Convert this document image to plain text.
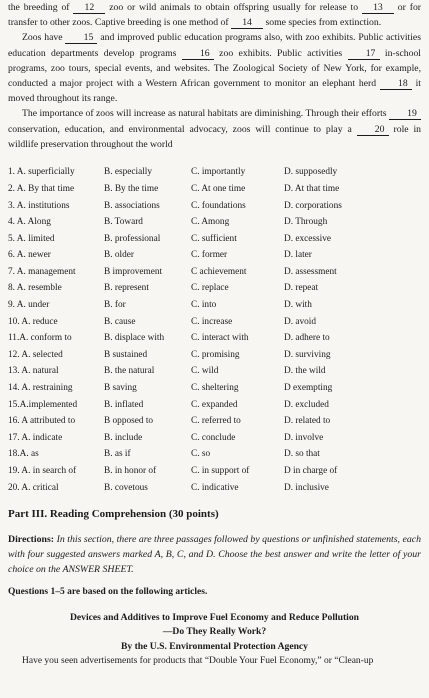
the breeding of 12 zoo or wild animals to obtain offspring usually for release to 13 or for transfer to other zoos. Captive breeding is one method of 14 some species from extinction.

Zoos have 15 and improved public education programs also, with zoo exhibits. Public activities education departments develop programs 16 zoo exhibits. Public activities 17 in-school programs, zoo tours, special events, and websites. The Zoological Society of New York, for example, conducted a major project with a Western African government to monitor an elephant herd 18 it moved throughout its range.

The importance of zoos will increase as natural habitats are diminishing. Through their efforts 19 conservation, education, and environmental advocacy, zoos will continue to play a 20 role in wildlife preservation throughout the world

1. A. superficially	B. especially	C. importantly	D. supposedly
2. A. By that time	B. By the time	C. At one time	D. At that time
3. A. institutions	B. associations	C. foundations	D. corporations
4. A. Along	B. Toward	C. Among	D. Through
5. A. limited	B. professional	C. sufficient	D. excessive
6. A. newer	B. older	C. former	D. later
7. A. management	B improvement	C achievement	D. assessment
8. A. resemble	B. represent	C. replace	D. repeat
9. A. under	B. for	C. into	D. with
10. A. reduce	B. cause	C. increase	D. avoid
11.A. conform to	B. displace with	C. interact with	D. adhere to
12. A. selected	B sustained	C. promising	D. surviving
13. A. natural	B. the natural	C. wild	D. the wild
14. A. restraining	B saving	C. sheltering	D exempting
15.A.implemented	B. inflated	C. expanded	D. excluded
16. A attributed to	B opposed to	C. referred to	D. related to
17. A. indicate	B. include	C. conclude	D. involve
18.A. as	B. as if	C. so	D. so that
19. A. in search of	B. in honor of	C. in support of	D in charge of
20. A. critical	B. covetous	C. indicative	D. inclusive
Part III. Reading Comprehension (30 points)
Directions: In this section, there are three passages followed by questions or unfinished statements, each with four suggested answers marked A, B, C, and D. Choose the best answer and write the letter of your choice on the ANSWER SHEET.
Questions 1–5 are based on the following articles.
Devices and Additives to Improve Fuel Economy and Reduce Pollution
—Do They Really Work?
By the U.S. Environmental Protection Agency
Have you seen advertisements for products that “Double Your Fuel Economy,” or “Clean-up
